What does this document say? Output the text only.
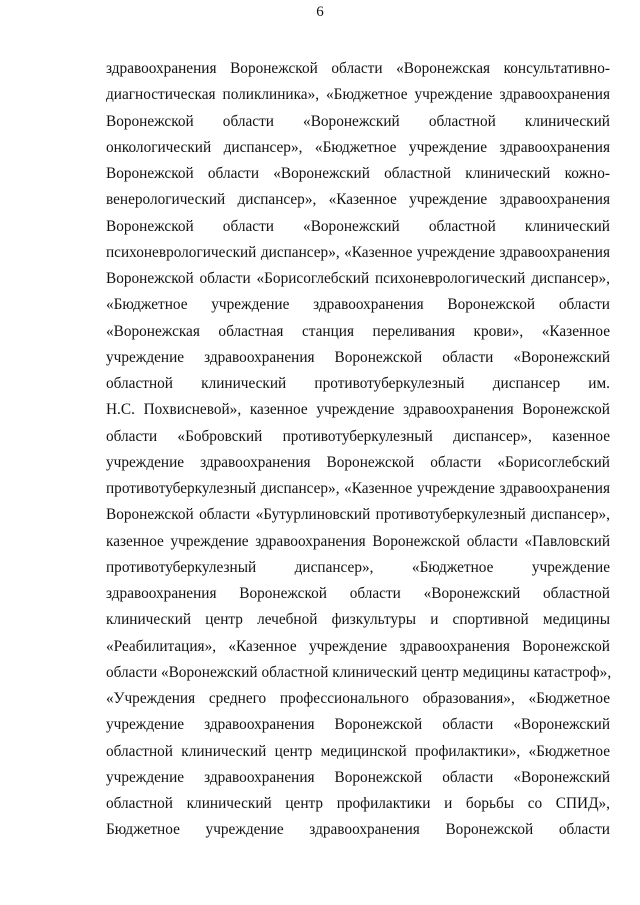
6
здравоохранения Воронежской области «Воронежская консультативно-
диагностическая поликлиника», «Бюджетное учреждение здравоохранения
Воронежской области «Воронежский областной клинический
онкологический диспансер», «Бюджетное учреждение здравоохранения
Воронежской области «Воронежский областной клинический кожно-
венерологический диспансер», «Казенное учреждение здравоохранения
Воронежской области «Воронежский областной клинический
психоневрологический диспансер», «Казенное учреждение здравоохранения
Воронежской области «Борисоглебский психоневрологический диспансер»,
«Бюджетное учреждение здравоохранения Воронежской области
«Воронежская областная станция переливания крови», «Казенное
учреждение здравоохранения Воронежской области «Воронежский
областной клинический противотуберкулезный диспансер им.
Н.С. Похвисневой», казенное учреждение здравоохранения Воронежской
области «Бобровский противотуберкулезный диспансер», казенное
учреждение здравоохранения Воронежской области «Борисоглебский
противотуберкулезный диспансер», «Казенное учреждение здравоохранения
Воронежской области «Бутурлиновский противотуберкулезный диспансер»,
казенное учреждение здравоохранения Воронежской области «Павловский
противотуберкулезный диспансер», «Бюджетное учреждение
здравоохранения Воронежской области «Воронежский областной
клинический центр лечебной физкультуры и спортивной медицины
«Реабилитация», «Казенное учреждение здравоохранения Воронежской
области «Воронежский областной клинический центр медицины катастроф»,
«Учреждения среднего профессионального образования», «Бюджетное
учреждение здравоохранения Воронежской области «Воронежский
областной клинический центр медицинской профилактики», «Бюджетное
учреждение здравоохранения Воронежской области «Воронежский
областной клинический центр профилактики и борьбы со СПИД»,
Бюджетное учреждение здравоохранения Воронежской области
